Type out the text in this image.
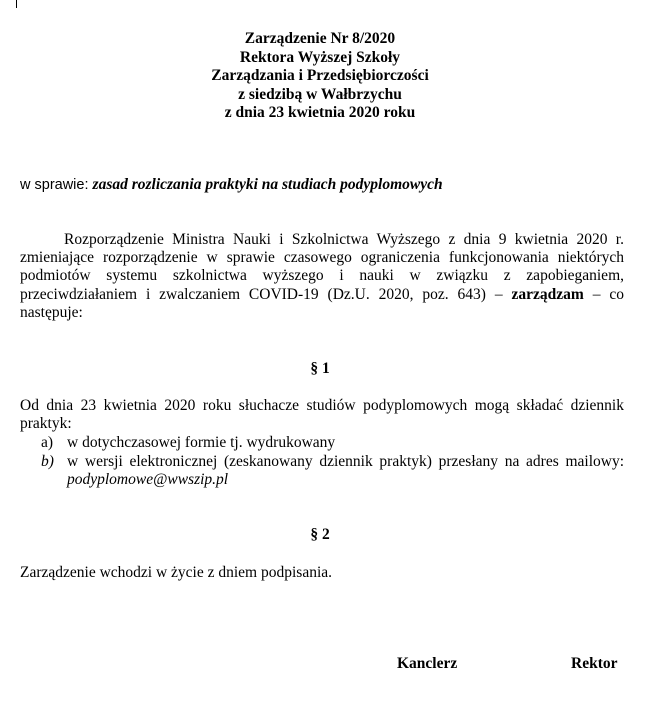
Zarządzenie Nr 8/2020
Rektora Wyższej Szkoły
Zarządzania i Przedsiębiorczości
z siedzibą w Wałbrzychu
z dnia 23 kwietnia 2020 roku
w sprawie: zasad rozliczania praktyki na studiach podyplomowych
Rozporządzenie Ministra Nauki i Szkolnictwa Wyższego z dnia 9 kwietnia 2020 r.
zmieniające rozporządzenie w sprawie czasowego ograniczenia funkcjonowania niektórych
podmiotów systemu szkolnictwa wyższego i nauki w związku z zapobieganiem,
przeciwdziałaniem i zwalczaniem COVID-19 (Dz.U. 2020, poz. 643) – zarządzam – co
następuje:
§ 1
Od dnia 23 kwietnia 2020 roku słuchacze studiów podyplomowych mogą składać dziennik
praktyk:
a) w dotychczasowej formie tj. wydrukowany
b) w wersji elektronicznej (zeskanowany dziennik praktyk) przesłany na adres mailowy:
podyplomowe@wwszip.pl
§ 2
Zarządzenie wchodzi w życie z dniem podpisania.
Kanclerz	Rektor
